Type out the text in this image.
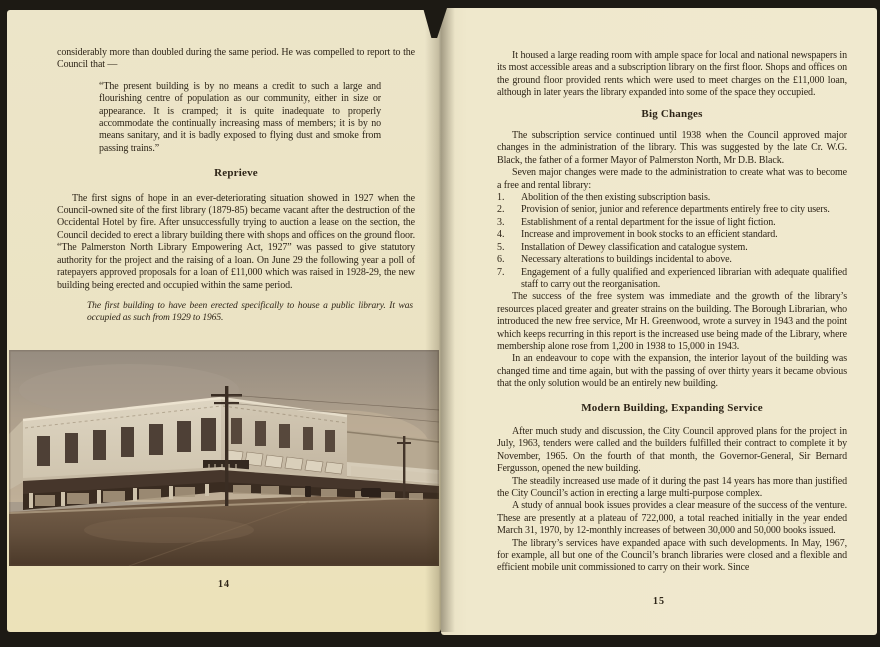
considerably more than doubled during the same period. He was compelled to report to the Council that —

“The present building is by no means a credit to such a large and flourishing centre of population as our community, either in size or appearance. It is cramped; it is quite inadequate to properly accommodate the continually increasing mass of members; it is by no means sanitary, and it is badly exposed to flying dust and smoke from passing trains.”
Reprieve

The first signs of hope in an ever-deteriorating situation showed in 1927 when the Council-owned site of the first library (1879-85) became vacant after the destruction of the Occidental Hotel by fire. After unsuccessfully trying to auction a lease on the section, the Council decided to erect a library building there with shops and offices on the ground floor. “The Palmerston North Library Empowering Act, 1927” was passed to give statutory authority for the project and the raising of a loan. On June 29 the following year a poll of ratepayers approved proposals for a loan of £11,000 which was raised in 1928-29, the new building being erected and occupied within the same period.

The first building to have been erected specifically to house a public library. It was occupied as such from 1929 to 1965.

14

It housed a large reading room with ample space for local and national newspapers in its most accessible areas and a subscription library on the first floor. Shops and offices on the ground floor provided rents which were used to meet charges on the £11,000 loan, although in later years the library expanded into some of the space they occupied.

Big Changes

The subscription service continued until 1938 when the Council approved major changes in the administration of the library. This was suggested by the late Cr. W.G. Black, the father of a former Mayor of Palmerston North, Mr D.B. Black.

Seven major changes were made to the administration to create what was to become a free and rental library:

1.	Abolition of the then existing subscription basis.
2.	Provision of senior, junior and reference departments entirely free to city users.
3.	Establishment of a rental department for the issue of light fiction.
4.	Increase and improvement in book stocks to an efficient standard.
5.	Installation of Dewey classification and catalogue system.
6.	Necessary alterations to buildings incidental to above.
7.	Engagement of a fully qualified and experienced librarian with adequate qualified staff to carry out the reorganisation.

The success of the free system was immediate and the growth of the library’s resources placed greater and greater strains on the building. The Borough Librarian, who introduced the new free service, Mr H. Greenwood, wrote a survey in 1943 and the point which keeps recurring in this report is the increased use being made of the Library, where membership alone rose from 1,200 in 1938 to 15,000 in 1943.

In an endeavour to cope with the expansion, the interior layout of the building was changed time and time again, but with the passing of over thirty years it became obvious that the only solution would be an entirely new building.

Modern Building, Expanding Service

After much study and discussion, the City Council approved plans for the project in July, 1963, tenders were called and the builders fulfilled their contract to complete it by November, 1965. On the fourth of that month, the Governor-General, Sir Bernard Fergusson, opened the new building.

The steadily increased use made of it during the past 14 years has more than justified the City Council’s action in erecting a large multi-purpose complex.

A study of annual book issues provides a clear measure of the success of the venture. These are presently at a plateau of 722,000, a total reached initially in the year ended March 31, 1970, by 12-monthly increases of between 30,000 and 50,000 books issued.

The library’s services have expanded apace with such developments. In May, 1967, for example, all but one of the Council’s branch libraries were closed and a flexible and efficient mobile unit commissioned to carry on their work. Since

15
